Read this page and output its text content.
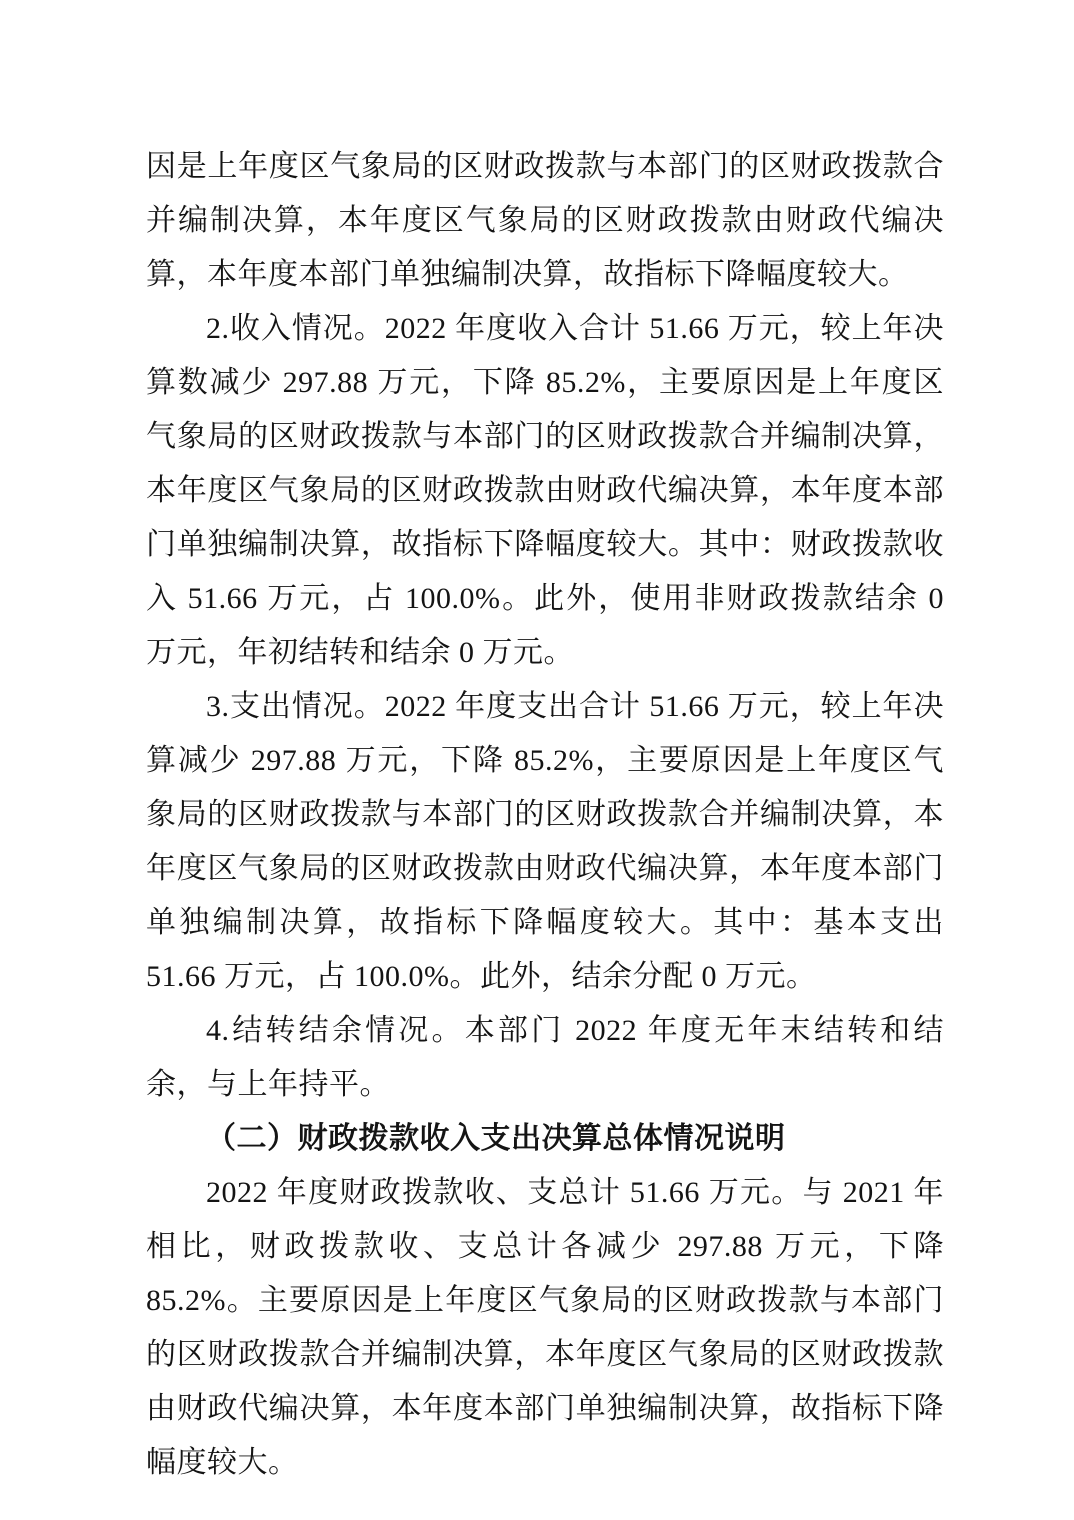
因是上年度区气象局的区财政拨款与本部门的区财政拨款合并编制决算，本年度区气象局的区财政拨款由财政代编决算，本年度本部门单独编制决算，故指标下降幅度较大。

2.收入情况。2022 年度收入合计 51.66 万元，较上年决算数减少 297.88 万元，下降 85.2%，主要原因是上年度区气象局的区财政拨款与本部门的区财政拨款合并编制决算，本年度区气象局的区财政拨款由财政代编决算，本年度本部门单独编制决算，故指标下降幅度较大。其中：财政拨款收入 51.66 万元，占 100.0%。此外，使用非财政拨款结余 0 万元，年初结转和结余 0 万元。

3.支出情况。2022 年度支出合计 51.66 万元，较上年决算减少 297.88 万元，下降 85.2%，主要原因是上年度区气象局的区财政拨款与本部门的区财政拨款合并编制决算，本年度区气象局的区财政拨款由财政代编决算，本年度本部门单独编制决算，故指标下降幅度较大。其中：基本支出 51.66 万元，占 100.0%。此外，结余分配 0 万元。

4.结转结余情况。本部门 2022 年度无年末结转和结余，与上年持平。

（二）财政拨款收入支出决算总体情况说明

2022 年度财政拨款收、支总计 51.66 万元。与 2021 年相比，财政拨款收、支总计各减少 297.88 万元，下降 85.2%。主要原因是上年度区气象局的区财政拨款与本部门的区财政拨款合并编制决算，本年度区气象局的区财政拨款由财政代编决算，本年度本部门单独编制决算，故指标下降幅度较大。
